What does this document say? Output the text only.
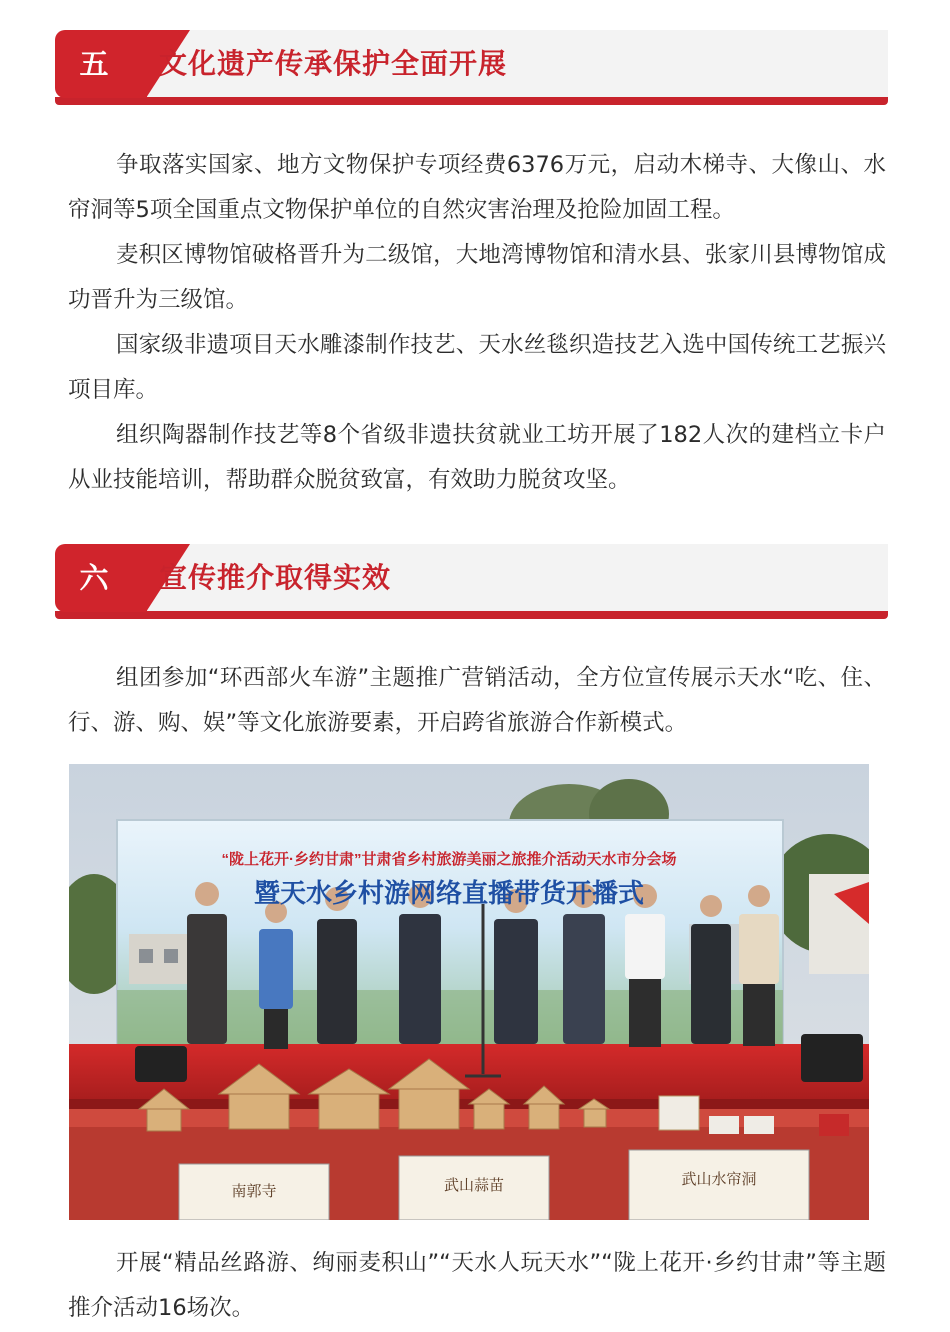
五	文化遗产传承保护全面开展

争取落实国家、地方文物保护专项经费6376万元，启动木梯寺、大像山、水帘洞等5项全国重点文物保护单位的自然灾害治理及抢险加固工程。

麦积区博物馆破格晋升为二级馆，大地湾博物馆和清水县、张家川县博物馆成功晋升为三级馆。

国家级非遗项目天水雕漆制作技艺、天水丝毯织造技艺入选中国传统工艺振兴项目库。

组织陶器制作技艺等8个省级非遗扶贫就业工坊开展了182人次的建档立卡户从业技能培训，帮助群众脱贫致富，有效助力脱贫攻坚。

六	宣传推介取得实效

组团参加“环西部火车游”主题推广营销活动，全方位宣传展示天水“吃、住、行、游、购、娱”等文化旅游要素，开启跨省旅游合作新模式。

“陇上花开·乡约甘肃”甘肃省乡村旅游美丽之旅推介活动天水市分会场
暨天水乡村游网络直播带货开播式
南郭寺	武山蒜苗	武山水帘洞

开展“精品丝路游、绚丽麦积山”“天水人玩天水”“陇上花开·乡约甘肃”等主题推介活动16场次。
